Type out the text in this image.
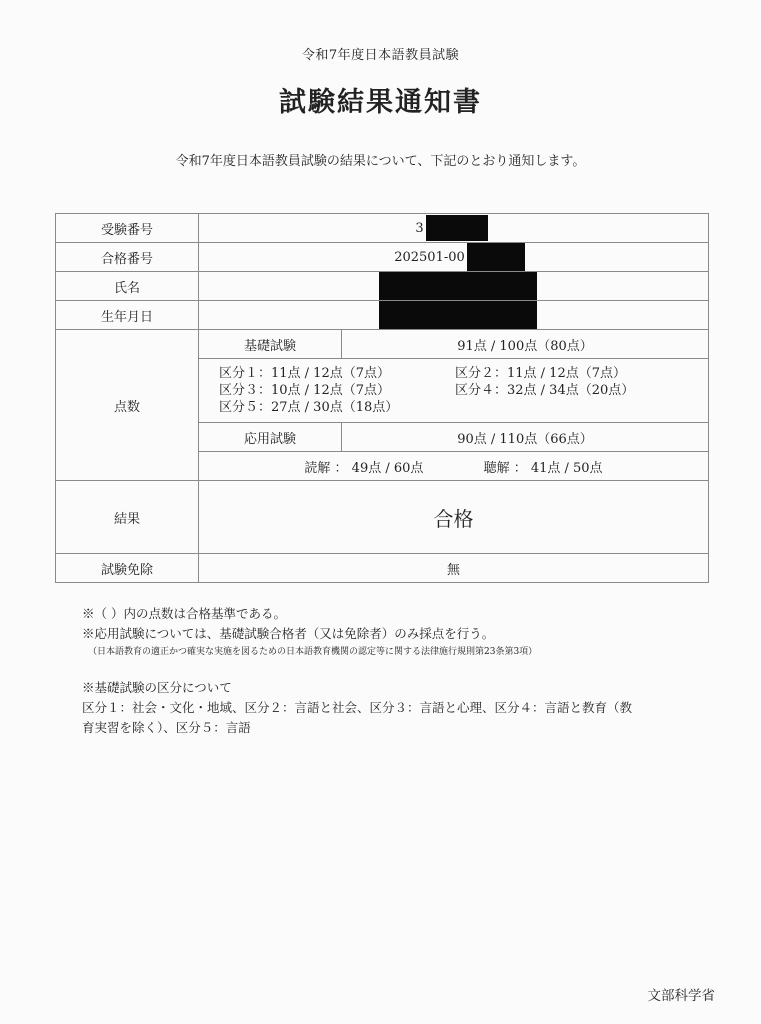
令和7年度日本語教員試験
試験結果通知書
令和7年度日本語教員試験の結果について、下記のとおり通知します。
受験番号	3	
合格番号	202501-00	
氏名		
生年月日		
点数	基礎試験	91点 / 100点（80点）

	区分１：11点 / 12点（7点） 区分２：11点 / 12点（7点）
区分３：10点 / 12点（7点） 区分４：32点 / 34点（20点）
区分５：27点 / 30点（18点）	

	応用試験	90点 / 110点（66点）
	読解 ： 49点 / 60点 聴解 ： 41点 / 50点	
結果	合格	
試験免除	無	
※（ ）内の点数は合格基準である。
※応用試験については、基礎試験合格者（又は免除者）のみ採点を行う。
（日本語教育の適正かつ確実な実施を図るための日本語教育機関の認定等に関する法律施行規則第23条第3項）
※基礎試験の区分について
区分１：社会・文化・地域、区分２：言語と社会、区分３：言語と心理、区分４：言語と教育（教
育実習を除く）、区分５：言語
文部科学省
